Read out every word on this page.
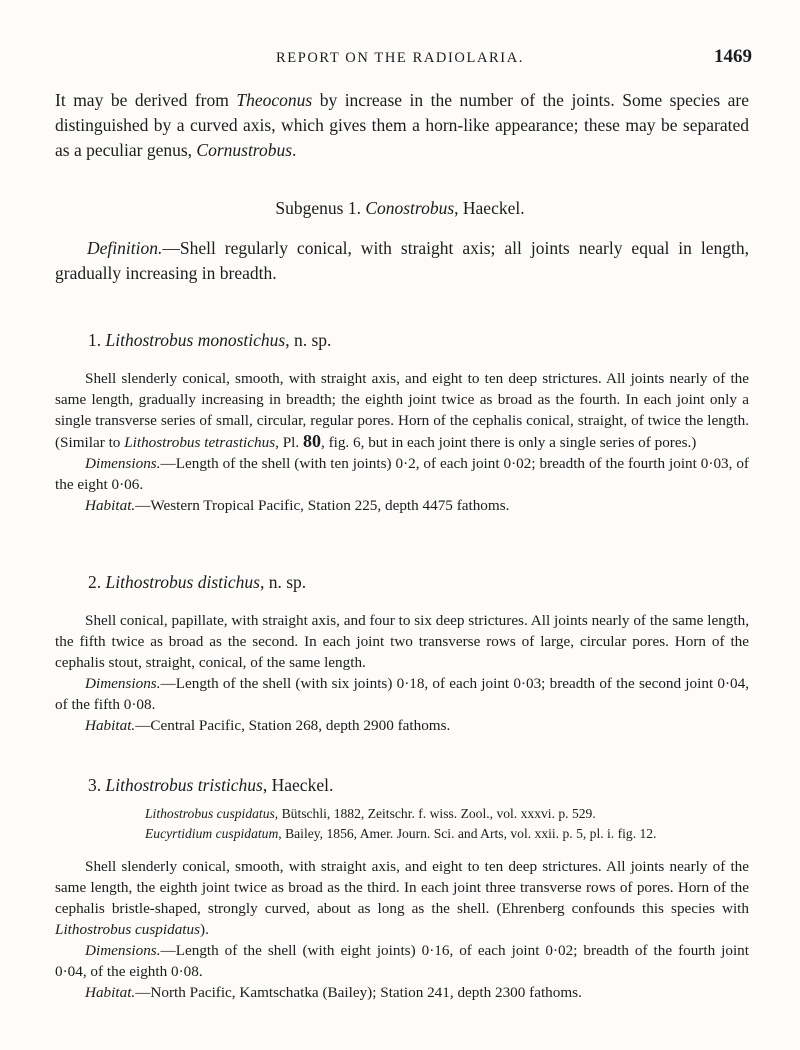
REPORT ON THE RADIOLARIA.	1469

It may be derived from Theoconus by increase in the number of the joints. Some species are distinguished by a curved axis, which gives them a horn-like appearance; these may be separated as a peculiar genus, Cornustrobus.

Subgenus 1. Conostrobus, Haeckel.

Definition.—Shell regularly conical, with straight axis; all joints nearly equal in length, gradually increasing in breadth.

1. Lithostrobus monostichus, n. sp.

Shell slenderly conical, smooth, with straight axis, and eight to ten deep strictures. All joints nearly of the same length, gradually increasing in breadth; the eighth joint twice as broad as the fourth. In each joint only a single transverse series of small, circular, regular pores. Horn of the cephalis conical, straight, of twice the length. (Similar to Lithostrobus tetrastichus, Pl. 80, fig. 6, but in each joint there is only a single series of pores.)

Dimensions.—Length of the shell (with ten joints) 0·2, of each joint 0·02; breadth of the fourth joint 0·03, of the eight 0·06.

Habitat.—Western Tropical Pacific, Station 225, depth 4475 fathoms.

2. Lithostrobus distichus, n. sp.

Shell conical, papillate, with straight axis, and four to six deep strictures. All joints nearly of the same length, the fifth twice as broad as the second. In each joint two transverse rows of large, circular pores. Horn of the cephalis stout, straight, conical, of the same length.

Dimensions.—Length of the shell (with six joints) 0·18, of each joint 0·03; breadth of the second joint 0·04, of the fifth 0·08.

Habitat.—Central Pacific, Station 268, depth 2900 fathoms.

3. Lithostrobus tristichus, Haeckel.
Lithostrobus cuspidatus, Bütschli, 1882, Zeitschr. f. wiss. Zool., vol. xxxvi. p. 529.
Eucyrtidium cuspidatum, Bailey, 1856, Amer. Journ. Sci. and Arts, vol. xxii. p. 5, pl. i. fig. 12.

Shell slenderly conical, smooth, with straight axis, and eight to ten deep strictures. All joints nearly of the same length, the eighth joint twice as broad as the third. In each joint three transverse rows of pores. Horn of the cephalis bristle-shaped, strongly curved, about as long as the shell. (Ehrenberg confounds this species with Lithostrobus cuspidatus).

Dimensions.—Length of the shell (with eight joints) 0·16, of each joint 0·02; breadth of the fourth joint 0·04, of the eighth 0·08.

Habitat.—North Pacific, Kamtschatka (Bailey); Station 241, depth 2300 fathoms.
